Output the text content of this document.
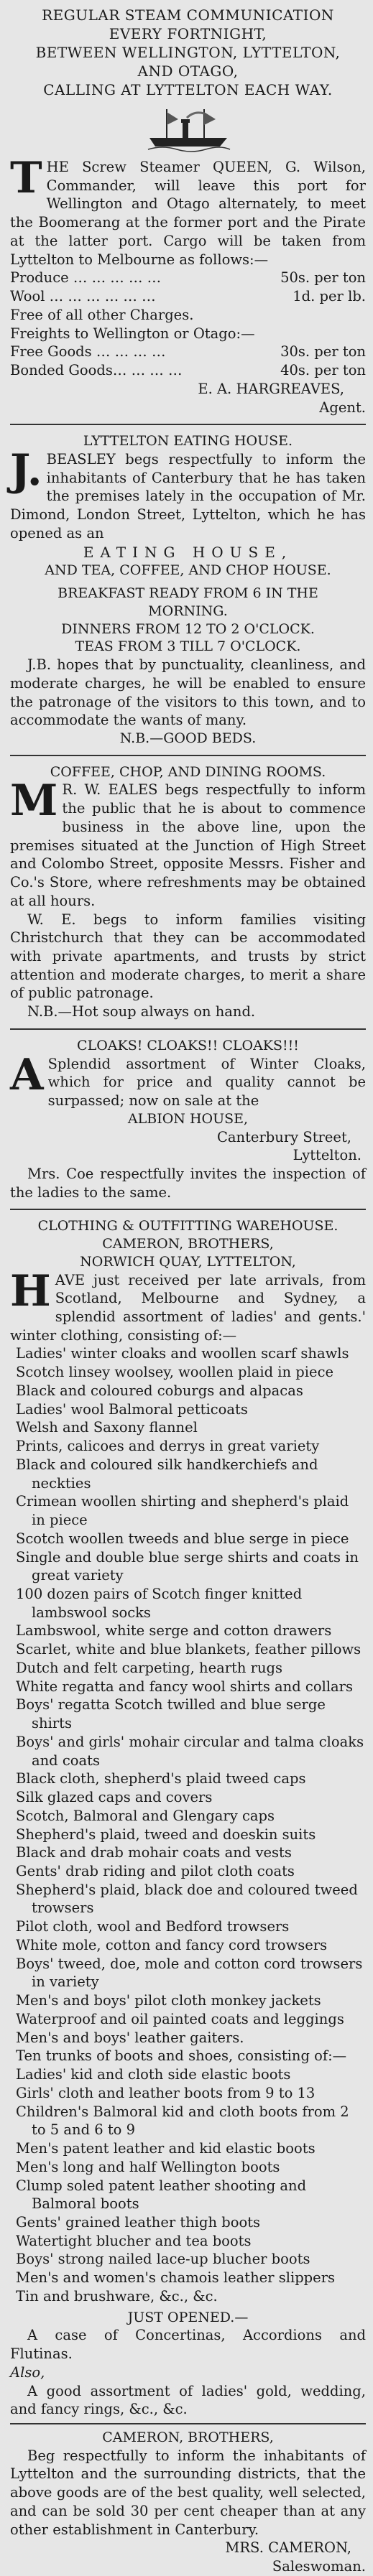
REGULAR STEAM COMMUNICATION
EVERY FORTNIGHT,
BETWEEN WELLINGTON, LYTTELTON,
AND OTAGO,
CALLING AT LYTTELTON EACH WAY.

THE Screw Steamer QUEEN, G. Wilson, Commander, will leave this port for Wellington and Otago alternately, to meet the Boomerang at the former port and the Pirate at the latter port. Cargo will be taken from Lyttelton to Melbourne as follows:—

Produce … … … … …	50s. per ton
Wool … … … … … …	1d. per lb.
Free of all other Charges.
Freights to Wellington or Otago:—
Free Goods … … … …	30s. per ton
Bonded Goods… … … …	40s. per ton
E. A. HARGREAVES,
Agent.
LYTTELTON EATING HOUSE.

J. BEASLEY begs respectfully to inform the inhabitants of Canterbury that he has taken the premises lately in the occupation of Mr. Dimond, London Street, Lyttelton, which he has opened as an

EATING HOUSE,
AND TEA, COFFEE, AND CHOP HOUSE.
BREAKFAST READY FROM 6 IN THE
MORNING.
DINNERS FROM 12 TO 2 O'CLOCK.
TEAS FROM 3 TILL 7 O'CLOCK.

J.B. hopes that by punctuality, cleanliness, and moderate charges, he will be enabled to ensure the patronage of the visitors to this town, and to accommodate the wants of many.

N.B.—GOOD BEDS.
COFFEE, CHOP, AND DINING ROOMS.

M R. W. EALES begs respectfully to inform the public that he is about to commence business in the above line, upon the premises situated at the Junction of High Street and Colombo Street, opposite Messrs. Fisher and Co.'s Store, where refreshments may be obtained at all hours.

W. E. begs to inform families visiting Christchurch that they can be accommodated with private apartments, and trusts by strict attention and moderate charges, to merit a share of public patronage.

N.B.—Hot soup always on hand.

CLOAKS! CLOAKS!! CLOAKS!!!

A Splendid assortment of Winter Cloaks, which for price and quality cannot be surpassed; now on sale at the

ALBION HOUSE,
Canterbury Street,
Lyttelton.

Mrs. Coe respectfully invites the inspection of the ladies to the same.

CLOTHING & OUTFITTING WAREHOUSE.
CAMERON, BROTHERS,
NORWICH QUAY, LYTTELTON,

HAVE just received per late arrivals, from Scotland, Melbourne and Sydney, a splendid assortment of ladies' and gents.' winter clothing, consisting of:—

Ladies' winter cloaks and woollen scarf shawls
Scotch linsey woolsey, woollen plaid in piece
Black and coloured coburgs and alpacas
Ladies' wool Balmoral petticoats
Welsh and Saxony flannel
Prints, calicoes and derrys in great variety
Black and coloured silk handkerchiefs and neckties
Crimean woollen shirting and shepherd's plaid in piece
Scotch woollen tweeds and blue serge in piece
Single and double blue serge shirts and coats in great variety
100 dozen pairs of Scotch finger knitted lambswool socks
Lambswool, white serge and cotton drawers
Scarlet, white and blue blankets, feather pillows
Dutch and felt carpeting, hearth rugs
White regatta and fancy wool shirts and collars
Boys' regatta Scotch twilled and blue serge shirts
Boys' and girls' mohair circular and talma cloaks and coats
Black cloth, shepherd's plaid tweed caps
Silk glazed caps and covers
Scotch, Balmoral and Glengary caps
Shepherd's plaid, tweed and doeskin suits
Black and drab mohair coats and vests
Gents' drab riding and pilot cloth coats
Shepherd's plaid, black doe and coloured tweed trowsers
Pilot cloth, wool and Bedford trowsers
White mole, cotton and fancy cord trowsers
Boys' tweed, doe, mole and cotton cord trowsers in variety
Men's and boys' pilot cloth monkey jackets
Waterproof and oil painted coats and leggings
Men's and boys' leather gaiters.
Ten trunks of boots and shoes, consisting of:—
Ladies' kid and cloth side elastic boots
Girls' cloth and leather boots from 9 to 13
Children's Balmoral kid and cloth boots from 2 to 5 and 6 to 9
Men's patent leather and kid elastic boots
Men's long and half Wellington boots
Clump soled patent leather shooting and Balmoral boots
Gents' grained leather thigh boots
Watertight blucher and tea boots
Boys' strong nailed lace-up blucher boots
Men's and women's chamois leather slippers
Tin and brushware, &c., &c.
JUST OPENED.—

A case of Concertinas, Accordions and Flutinas.

Also,

A good assortment of ladies' gold, wedding, and fancy rings, &c., &c.

CAMERON, BROTHERS,

Beg respectfully to inform the inhabitants of Lyttelton and the surrounding districts, that the above goods are of the best quality, well selected, and can be sold 30 per cent cheaper than at any other establishment in Canterbury.

MRS. CAMERON,
Saleswoman.
